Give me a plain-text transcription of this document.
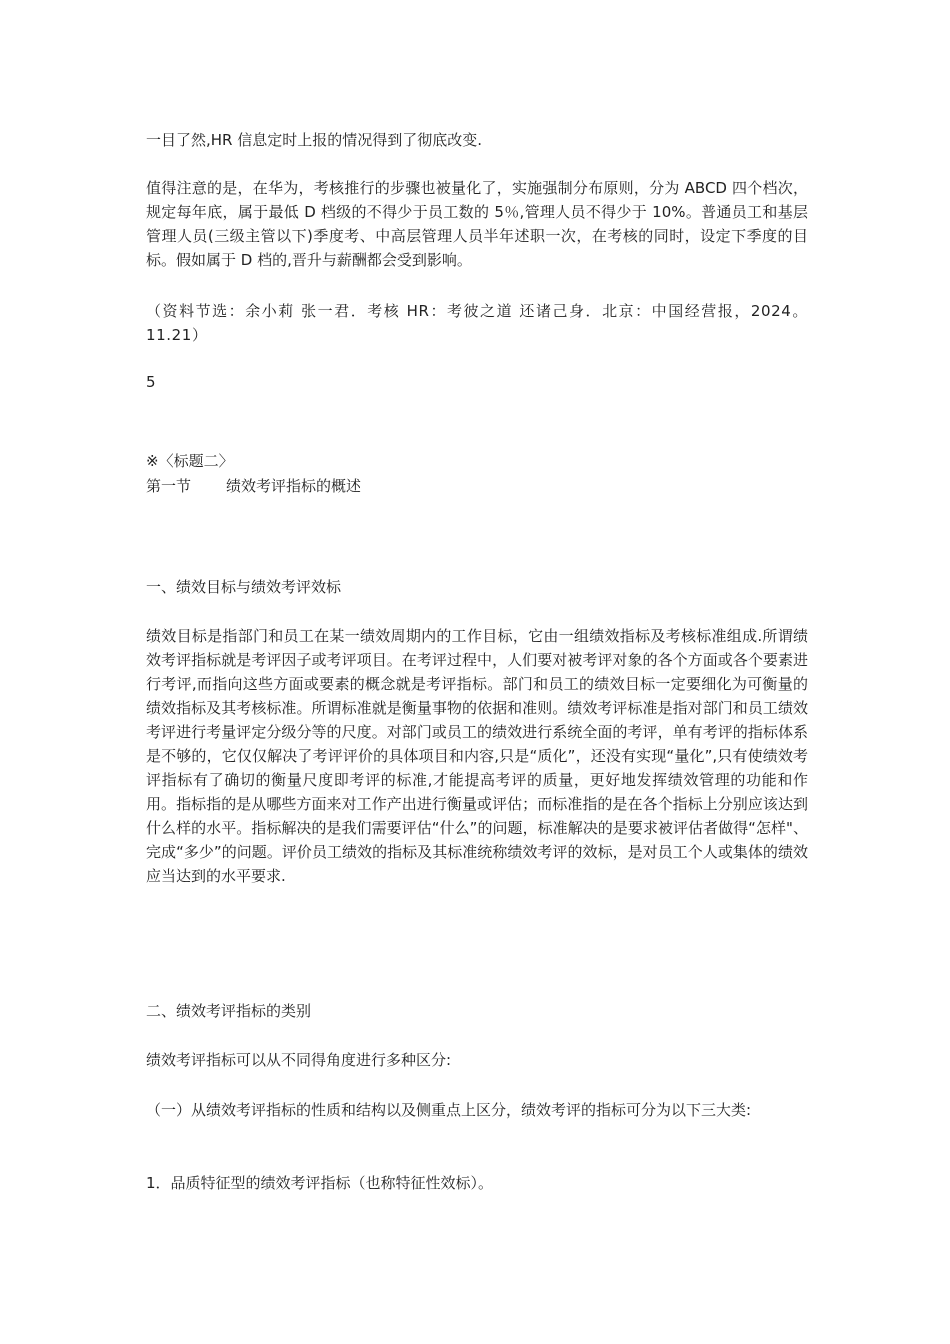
一目了然,HR 信息定时上报的情况得到了彻底改变.

值得注意的是，在华为，考核推行的步骤也被量化了，实施强制分布原则，分为 ABCD 四个档次，规定每年底，属于最低 D 档级的不得少于员工数的 5％,管理人员不得少于 10%。普通员工和基层管理人员(三级主管以下)季度考、中高层管理人员半年述职一次，在考核的同时，设定下季度的目标。假如属于 D 档的,晋升与薪酬都会受到影响。

（资料节选：余小莉 张一君．考核 HR：考彼之道 还诸己身．北京：中国经营报，2024。11.21）

5
※〈标题二〉
第一节 绩效考评指标的概述
一、绩效目标与绩效考评效标

绩效目标是指部门和员工在某一绩效周期内的工作目标，它由一组绩效指标及考核标准组成.所谓绩效考评指标就是考评因子或考评项目。在考评过程中，人们要对被考评对象的各个方面或各个要素进行考评,而指向这些方面或要素的概念就是考评指标。部门和员工的绩效目标一定要细化为可衡量的绩效指标及其考核标准。所谓标准就是衡量事物的依据和准则。绩效考评标准是指对部门和员工绩效考评进行考量评定分级分等的尺度。对部门或员工的绩效进行系统全面的考评，单有考评的指标体系是不够的，它仅仅解决了考评评价的具体项目和内容,只是“质化”，还没有实现“量化”,只有使绩效考评指标有了确切的衡量尺度即考评的标准,才能提高考评的质量，更好地发挥绩效管理的功能和作用。指标指的是从哪些方面来对工作产出进行衡量或评估；而标准指的是在各个指标上分别应该达到什么样的水平。指标解决的是我们需要评估“什么”的问题，标准解决的是要求被评估者做得“怎样"、完成“多少”的问题。评价员工绩效的指标及其标准统称绩效考评的效标，是对员工个人或集体的绩效应当达到的水平要求.

二、绩效考评指标的类别
绩效考评指标可以从不同得角度进行多种区分:

（一）从绩效考评指标的性质和结构以及侧重点上区分，绩效考评的指标可分为以下三大类:

1．品质特征型的绩效考评指标（也称特征性效标）。
